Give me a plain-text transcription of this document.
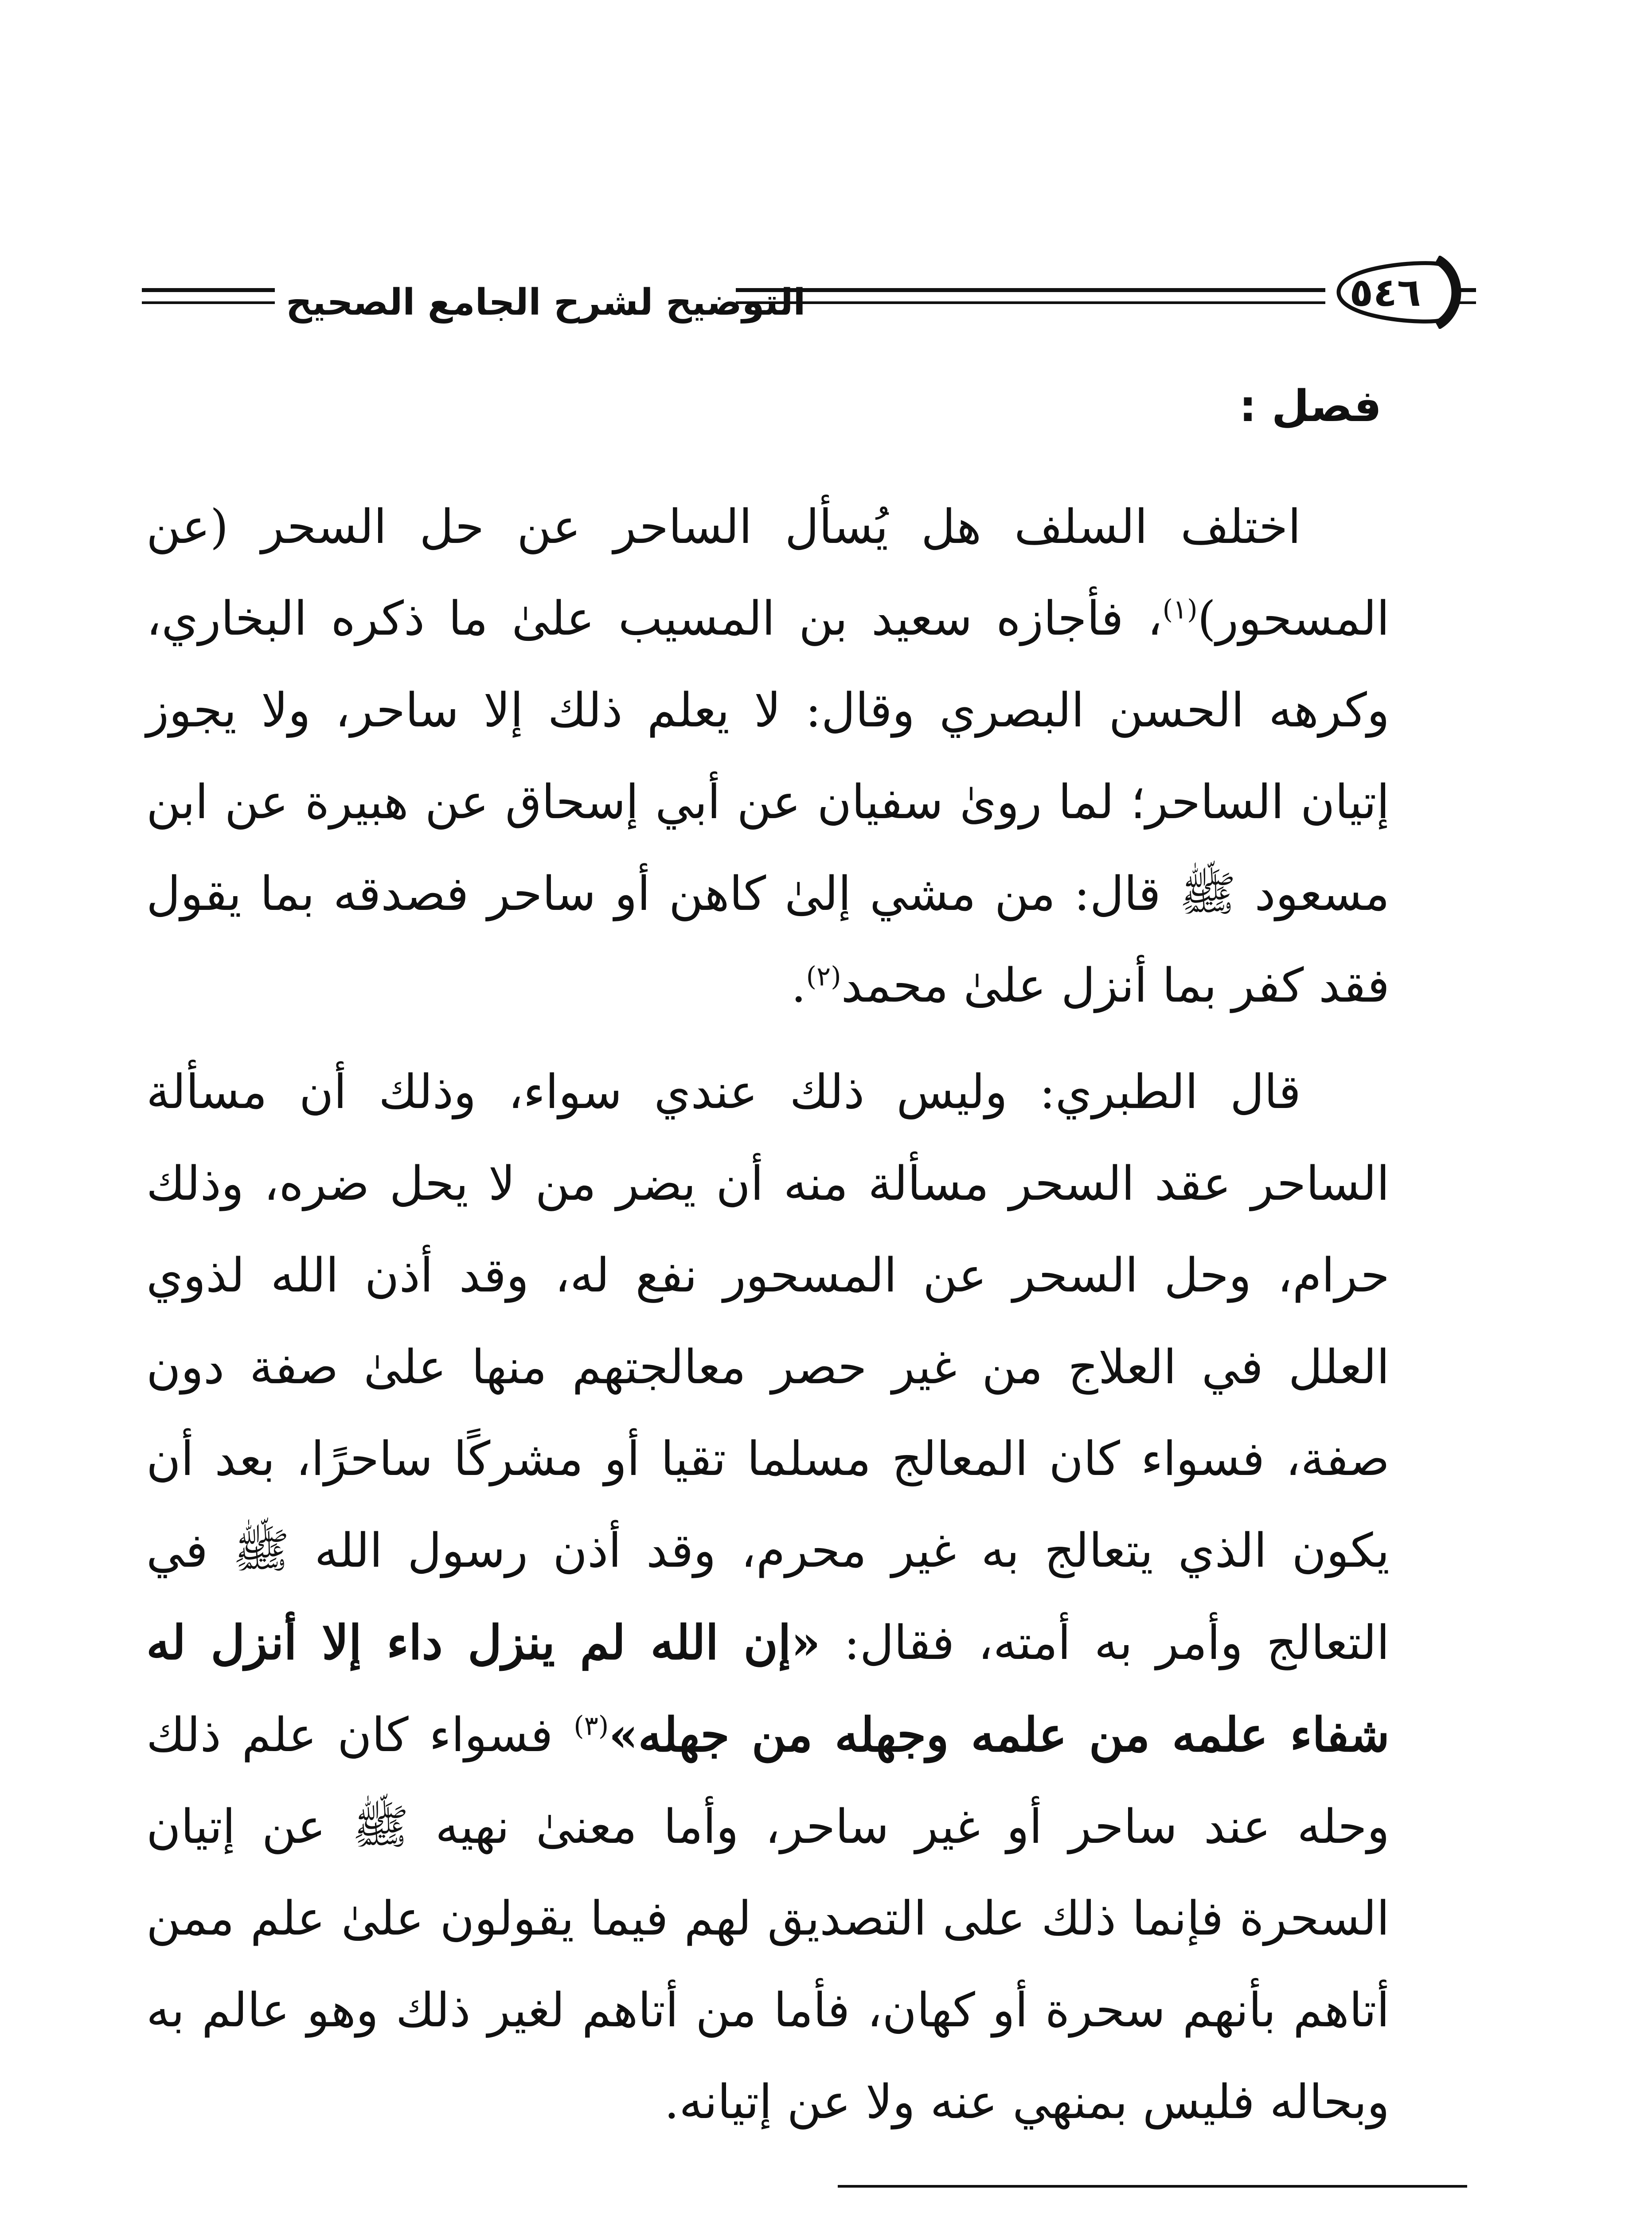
التوضيح لشرح الجامع الصحيح	٥٤٦
فصل :

اختلف السلف هل يُسأل الساحر عن حل السحر (عن المسحور)$^{(١)}$، فأجازه سعيد بن المسيب علىٰ ما ذكره البخاري، وكرهه الحسن البصري وقال: لا يعلم ذلك إلا ساحر، ولا يجوز إتيان الساحر؛ لما روىٰ سفيان عن أبي إسحاق عن هبيرة عن ابن مسعود ﷺ قال: من مشي إلىٰ كاهن أو ساحر فصدقه بما يقول فقد كفر بما أنزل علىٰ محمد$^{(٢)}$.

قال الطبري: وليس ذلك عندي سواء، وذلك أن مسألة الساحر عقد السحر مسألة منه أن يضر من لا يحل ضره، وذلك حرام، وحل السحر عن المسحور نفع له، وقد أذن الله لذوي العلل في العلاج من غير حصر معالجتهم منها علىٰ صفة دون صفة، فسواء كان المعالج مسلما تقيا أو مشركًا ساحرًا، بعد أن يكون الذي يتعالج به غير محرم، وقد أذن رسول الله ﷺ في التعالج وأمر به أمته، فقال: «إن الله لم ينزل داء إلا أنزل له شفاء علمه من علمه وجهله من جهله»$^{(٣)}$ فسواء كان علم ذلك وحله عند ساحر أو غير ساحر، وأما معنىٰ نهيه ﷺ عن إتيان السحرة فإنما ذلك على التصديق لهم فيما يقولون علىٰ علم ممن أتاهم بأنهم سحرة أو كهان، فأما من أتاهم لغير ذلك وهو عالم به وبحاله فليس بمنهي عنه ولا عن إتيانه.
